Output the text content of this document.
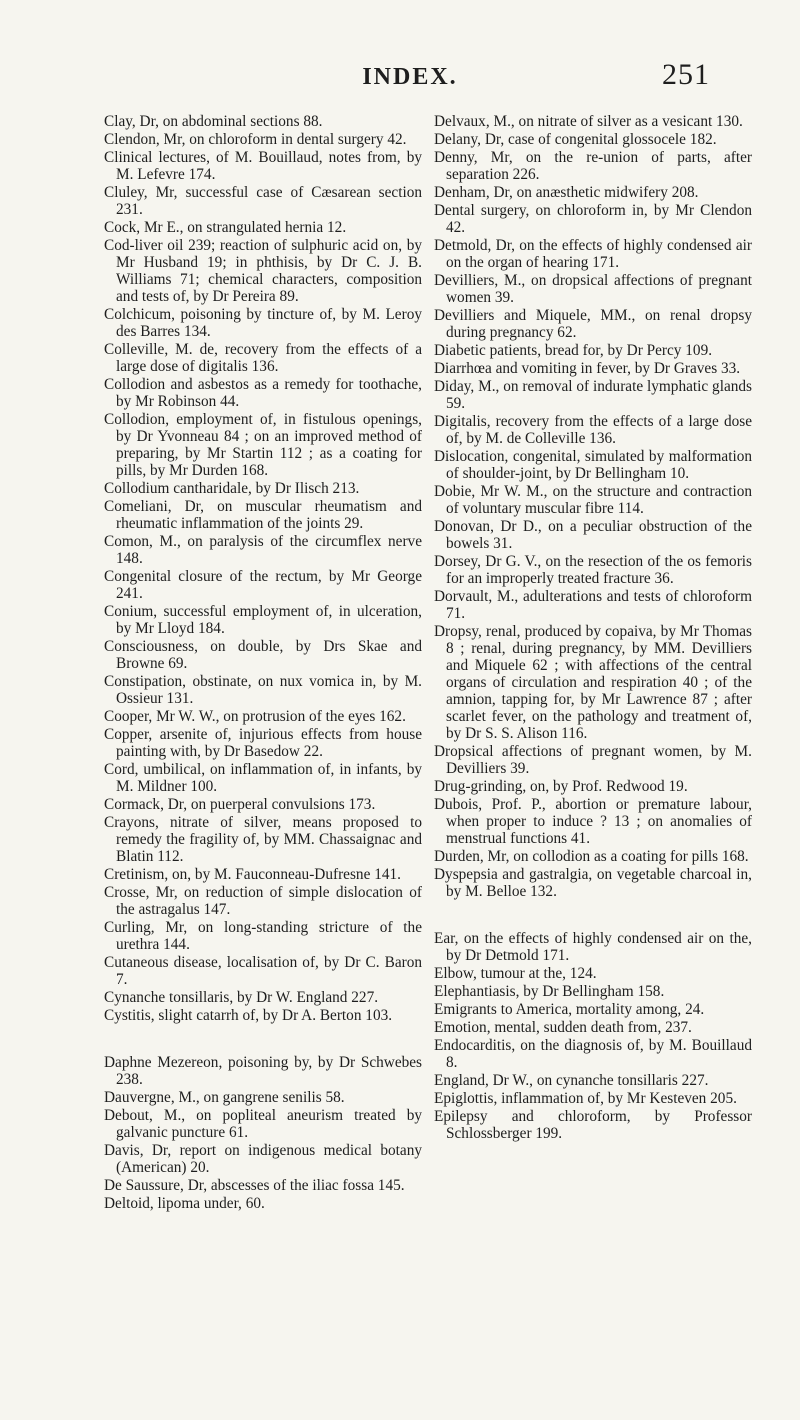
INDEX.	251

Clay, Dr, on abdominal sections 88.

Clendon, Mr, on chloroform in dental surgery 42.

Clinical lectures, of M. Bouillaud, notes from, by M. Lefevre 174.

Cluley, Mr, successful case of Cæsarean section 231.

Cock, Mr E., on strangulated hernia 12.

Cod-liver oil 239; reaction of sulphuric acid on, by Mr Husband 19; in phthisis, by Dr C. J. B. Williams 71; chemical characters, composition and tests of, by Dr Pereira 89.

Colchicum, poisoning by tincture of, by M. Leroy des Barres 134.

Colleville, M. de, recovery from the effects of a large dose of digitalis 136.

Collodion and asbestos as a remedy for toothache, by Mr Robinson 44.

Collodion, employment of, in fistulous openings, by Dr Yvonneau 84 ; on an improved method of preparing, by Mr Startin 112 ; as a coating for pills, by Mr Durden 168.

Collodium cantharidale, by Dr Ilisch 213.

Comeliani, Dr, on muscular rheumatism and rheumatic inflammation of the joints 29.

Comon, M., on paralysis of the circumflex nerve 148.

Congenital closure of the rectum, by Mr George 241.

Conium, successful employment of, in ulceration, by Mr Lloyd 184.

Consciousness, on double, by Drs Skae and Browne 69.

Constipation, obstinate, on nux vomica in, by M. Ossieur 131.

Cooper, Mr W. W., on protrusion of the eyes 162.

Copper, arsenite of, injurious effects from house painting with, by Dr Basedow 22.

Cord, umbilical, on inflammation of, in infants, by M. Mildner 100.

Cormack, Dr, on puerperal convulsions 173.

Crayons, nitrate of silver, means proposed to remedy the fragility of, by MM. Chassaignac and Blatin 112.

Cretinism, on, by M. Fauconneau-Dufresne 141.

Crosse, Mr, on reduction of simple dislocation of the astragalus 147.

Curling, Mr, on long-standing stricture of the urethra 144.

Cutaneous disease, localisation of, by Dr C. Baron 7.

Cynanche tonsillaris, by Dr W. England 227.

Cystitis, slight catarrh of, by Dr A. Berton 103.

Daphne Mezereon, poisoning by, by Dr Schwebes 238.

Dauvergne, M., on gangrene senilis 58.

Debout, M., on popliteal aneurism treated by galvanic puncture 61.

Davis, Dr, report on indigenous medical botany (American) 20.

De Saussure, Dr, abscesses of the iliac fossa 145.

Deltoid, lipoma under, 60.

Delvaux, M., on nitrate of silver as a vesicant 130.

Delany, Dr, case of congenital glossocele 182.

Denny, Mr, on the re-union of parts, after separation 226.

Denham, Dr, on anæsthetic midwifery 208.

Dental surgery, on chloroform in, by Mr Clendon 42.

Detmold, Dr, on the effects of highly condensed air on the organ of hearing 171.

Devilliers, M., on dropsical affections of pregnant women 39.

Devilliers and Miquele, MM., on renal dropsy during pregnancy 62.

Diabetic patients, bread for, by Dr Percy 109.

Diarrhœa and vomiting in fever, by Dr Graves 33.

Diday, M., on removal of indurate lymphatic glands 59.

Digitalis, recovery from the effects of a large dose of, by M. de Colleville 136.

Dislocation, congenital, simulated by malformation of shoulder-joint, by Dr Bellingham 10.

Dobie, Mr W. M., on the structure and contraction of voluntary muscular fibre 114.

Donovan, Dr D., on a peculiar obstruction of the bowels 31.

Dorsey, Dr G. V., on the resection of the os femoris for an improperly treated fracture 36.

Dorvault, M., adulterations and tests of chloroform 71.

Dropsy, renal, produced by copaiva, by Mr Thomas 8 ; renal, during pregnancy, by MM. Devilliers and Miquele 62 ; with affections of the central organs of circulation and respiration 40 ; of the amnion, tapping for, by Mr Lawrence 87 ; after scarlet fever, on the pathology and treatment of, by Dr S. S. Alison 116.

Dropsical affections of pregnant women, by M. Devilliers 39.

Drug-grinding, on, by Prof. Redwood 19.

Dubois, Prof. P., abortion or premature labour, when proper to induce ? 13 ; on anomalies of menstrual functions 41.

Durden, Mr, on collodion as a coating for pills 168.

Dyspepsia and gastralgia, on vegetable charcoal in, by M. Belloe 132.

Ear, on the effects of highly condensed air on the, by Dr Detmold 171.

Elbow, tumour at the, 124.

Elephantiasis, by Dr Bellingham 158.

Emigrants to America, mortality among, 24.

Emotion, mental, sudden death from, 237.

Endocarditis, on the diagnosis of, by M. Bouillaud 8.

England, Dr W., on cynanche tonsillaris 227.

Epiglottis, inflammation of, by Mr Kesteven 205.

Epilepsy and chloroform, by Professor Schlossberger 199.
